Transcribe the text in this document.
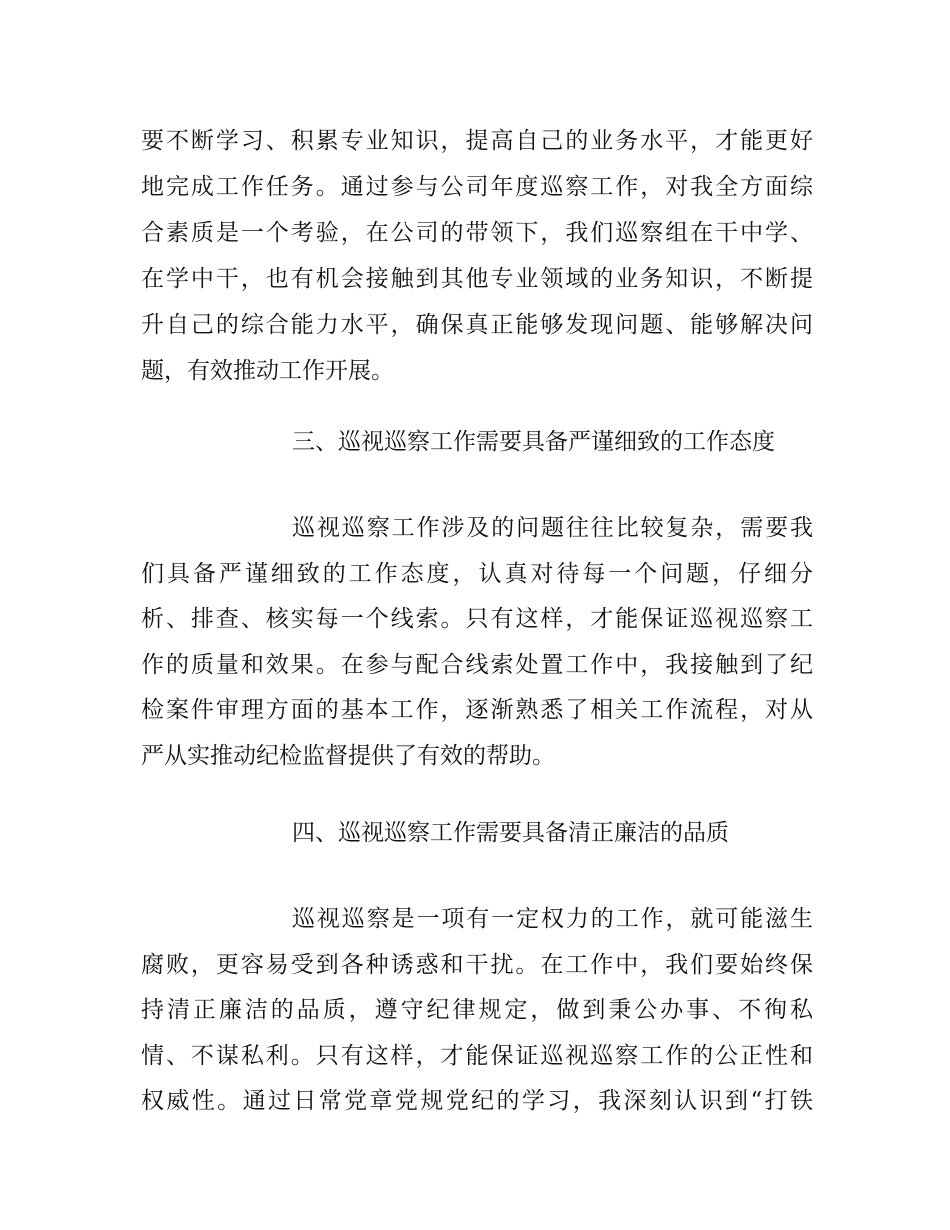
要不断学习、积累专业知识，提高自己的业务水平，才能更好
地完成工作任务。通过参与公司年度巡察工作，对我全方面综
合素质是一个考验，在公司的带领下，我们巡察组在干中学、
在学中干，也有机会接触到其他专业领域的业务知识，不断提
升自己的综合能力水平，确保真正能够发现问题、能够解决问
题，有效推动工作开展。
三、巡视巡察工作需要具备严谨细致的工作态度
巡视巡察工作涉及的问题往往比较复杂，需要我
们具备严谨细致的工作态度，认真对待每一个问题，仔细分
析、排查、核实每一个线索。只有这样，才能保证巡视巡察工
作的质量和效果。在参与配合线索处置工作中，我接触到了纪
检案件审理方面的基本工作，逐渐熟悉了相关工作流程，对从
严从实推动纪检监督提供了有效的帮助。
四、巡视巡察工作需要具备清正廉洁的品质
巡视巡察是一项有一定权力的工作，就可能滋生
腐败，更容易受到各种诱惑和干扰。在工作中，我们要始终保
持清正廉洁的品质，遵守纪律规定，做到秉公办事、不徇私
情、不谋私利。只有这样，才能保证巡视巡察工作的公正性和
权威性。通过日常党章党规党纪的学习，我深刻认识到“打铁
